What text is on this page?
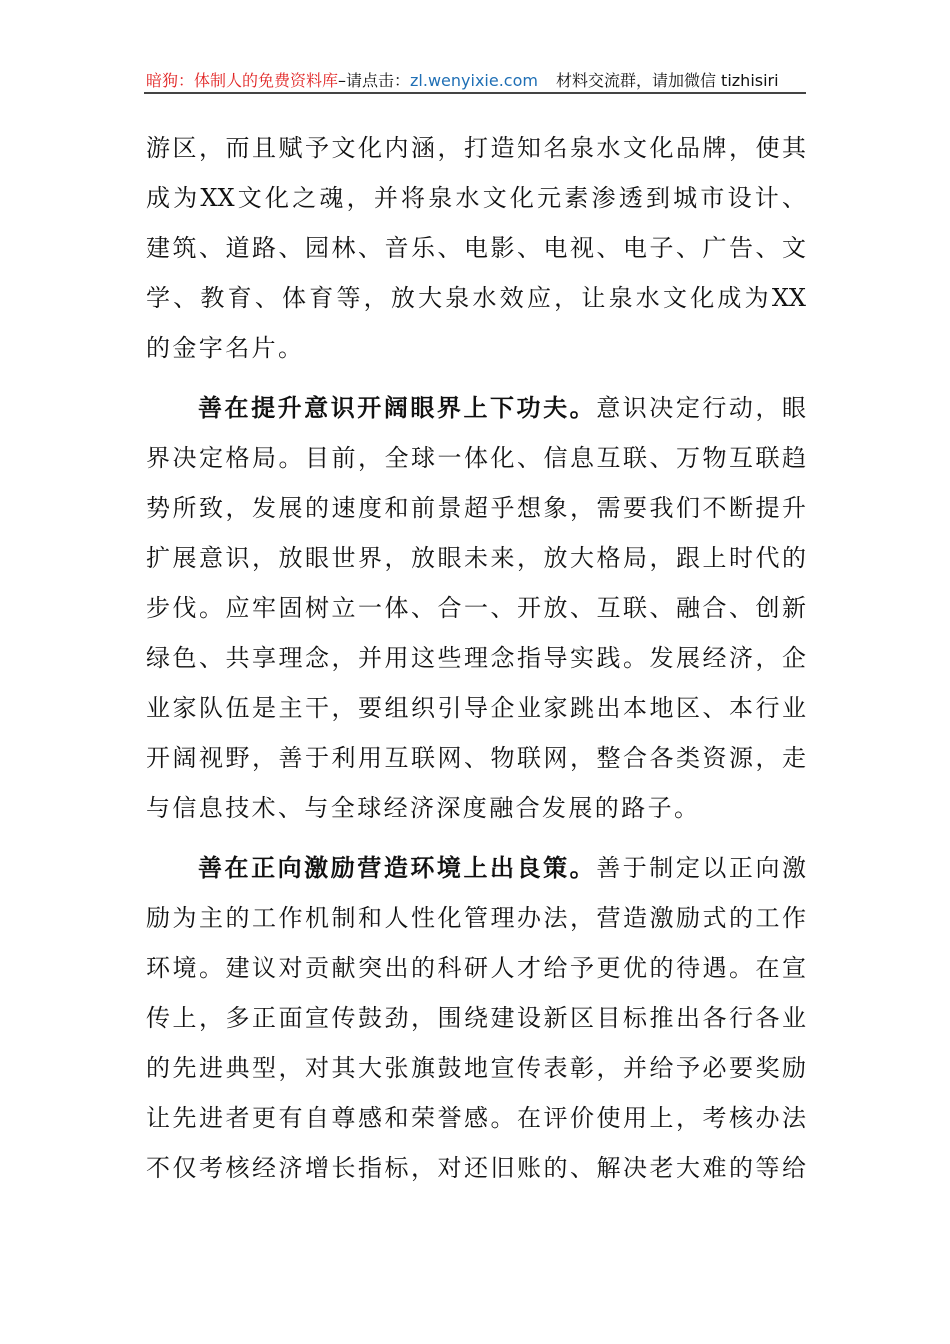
暗狗：体制人的免费资料库–请点击：zl.wenyixie.com 材料交流群，请加微信 tizhisiri
游区，而且赋予文化内涵，打造知名泉水文化品牌，使其
成为XX文化之魂，并将泉水文化元素渗透到城市设计、
建筑、道路、园林、音乐、电影、电视、电子、广告、文
学、教育、体育等，放大泉水效应，让泉水文化成为XX
的金字名片。
善在提升意识开阔眼界上下功夫。意识决定行动，眼
界决定格局。目前，全球一体化、信息互联、万物互联趋
势所致，发展的速度和前景超乎想象，需要我们不断提升
扩展意识，放眼世界，放眼未来，放大格局，跟上时代的
步伐。应牢固树立一体、合一、开放、互联、融合、创新
绿色、共享理念，并用这些理念指导实践。发展经济，企
业家队伍是主干，要组织引导企业家跳出本地区、本行业
开阔视野，善于利用互联网、物联网，整合各类资源，走
与信息技术、与全球经济深度融合发展的路子。
善在正向激励营造环境上出良策。善于制定以正向激
励为主的工作机制和人性化管理办法，营造激励式的工作
环境。建议对贡献突出的科研人才给予更优的待遇。在宣
传上，多正面宣传鼓劲，围绕建设新区目标推出各行各业
的先进典型，对其大张旗鼓地宣传表彰，并给予必要奖励
让先进者更有自尊感和荣誉感。在评价使用上，考核办法
不仅考核经济增长指标，对还旧账的、解决老大难的等给
